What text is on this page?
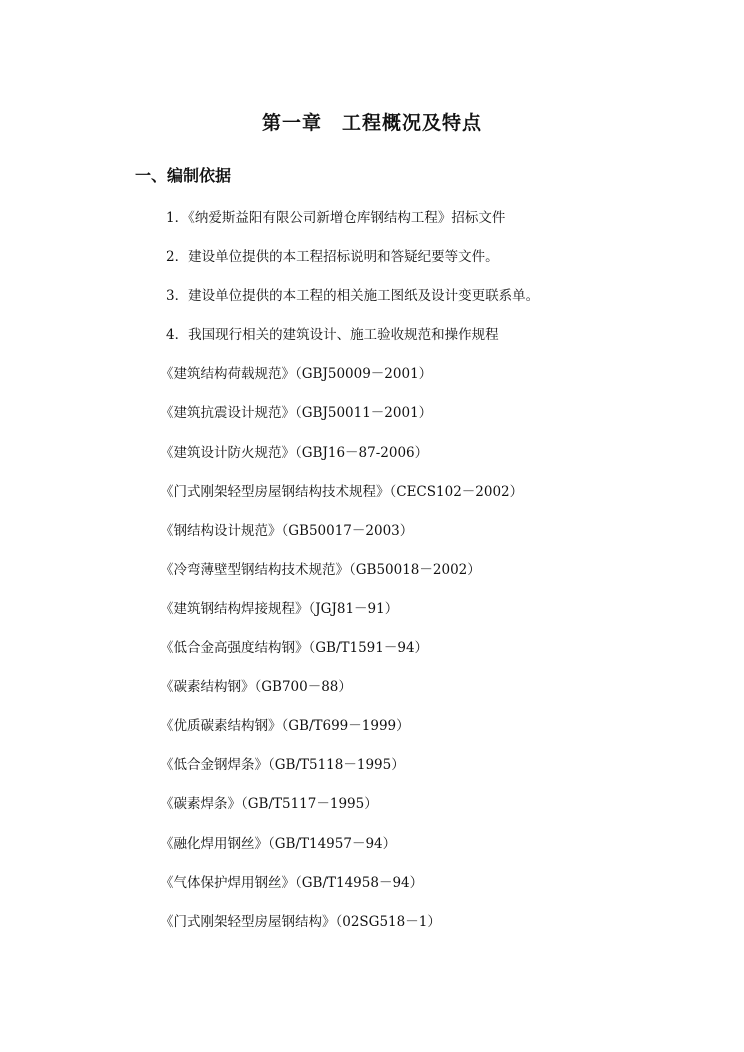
第一章　工程概况及特点
一、编制依据
1．《纳爱斯益阳有限公司新增仓库钢结构工程》招标文件
2．建设单位提供的本工程招标说明和答疑纪要等文件。
3．建设单位提供的本工程的相关施工图纸及设计变更联系单。
4．我国现行相关的建筑设计、施工验收规范和操作规程
《建筑结构荷载规范》（GBJ50009－2001）
《建筑抗震设计规范》（GBJ50011－2001）
《建筑设计防火规范》（GBJ16－87-2006）
《门式刚架轻型房屋钢结构技术规程》（CECS102－2002）
《钢结构设计规范》（GB50017－2003）
《冷弯薄壁型钢结构技术规范》（GB50018－2002）
《建筑钢结构焊接规程》（JGJ81－91）
《低合金高强度结构钢》（GB/T1591－94）
《碳素结构钢》（GB700－88）
《优质碳素结构钢》（GB/T699－1999）
《低合金钢焊条》（GB/T5118－1995）
《碳素焊条》（GB/T5117－1995）
《融化焊用钢丝》（GB/T14957－94）
《气体保护焊用钢丝》（GB/T14958－94）
《门式刚架轻型房屋钢结构》（02SG518－1）
